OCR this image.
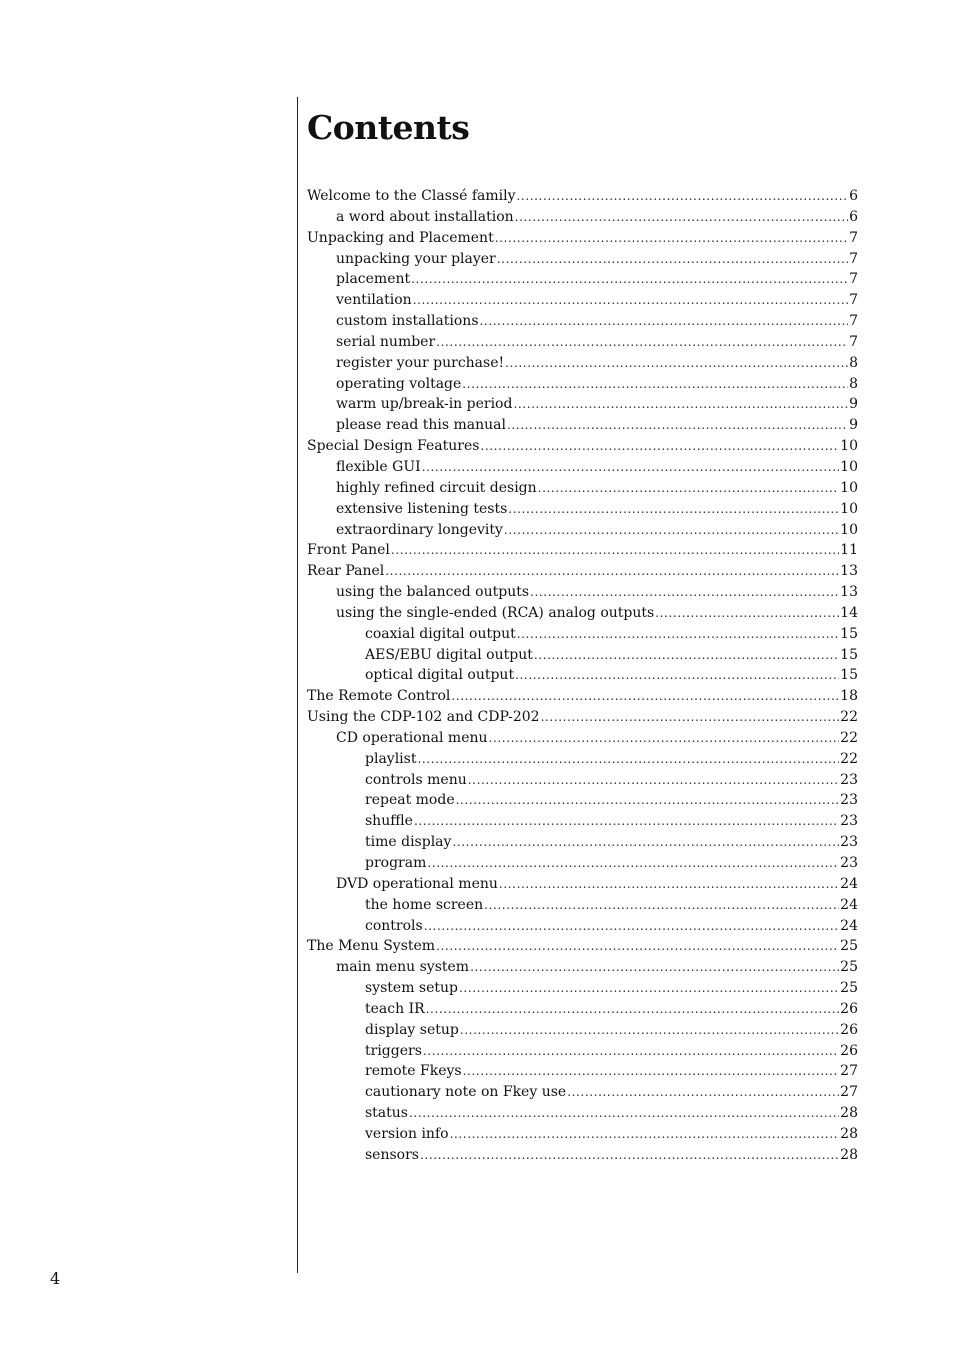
Contents
Welcome to the Classé family .....	6
a word about installation .....	6
Unpacking and Placement .....	7
unpacking your player .....	7
placement .....	7
ventilation .....	7
custom installations .....	7
serial number .....	7
register your purchase! .....	8
operating voltage .....	8
warm up/break-in period .....	9
please read this manual .....	9
Special Design Features .....	10
flexible GUI .....	10
highly refined circuit design .....	10
extensive listening tests .....	10
extraordinary longevity .....	10
Front Panel .....	11
Rear Panel .....	13
using the balanced outputs .....	13
using the single-ended (RCA) analog outputs .....	14
coaxial digital output .....	15
AES/EBU digital output .....	15
optical digital output .....	15
The Remote Control .....	18
Using the CDP-102 and CDP-202 .....	22
CD operational menu .....	22
playlist .....	22
controls menu .....	23
repeat mode .....	23
shuffle .....	23
time display .....	23
program .....	23
DVD operational menu .....	24
the home screen .....	24
controls .....	24
The Menu System .....	25
main menu system .....	25
system setup .....	25
teach IR .....	26
display setup .....	26
triggers .....	26
remote Fkeys .....	27
cautionary note on Fkey use .....	27
status .....	28
version info .....	28
sensors .....	28
4
